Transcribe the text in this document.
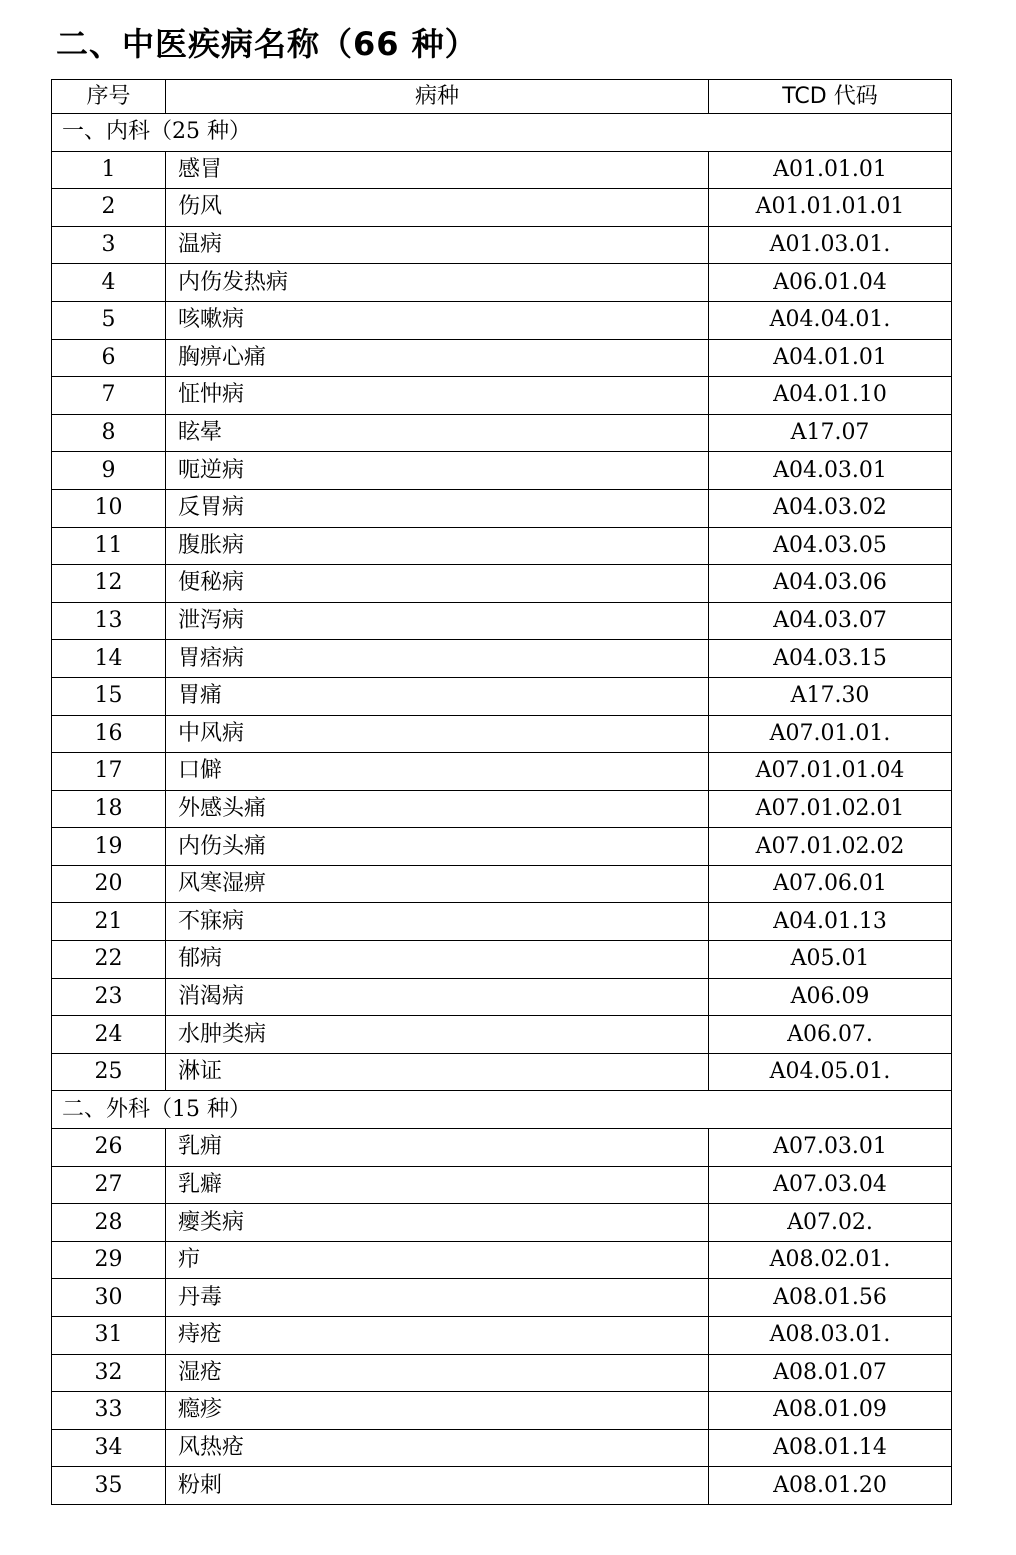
二、中医疾病名称（66 种）
序号	病种	TCD 代码
一、内科（25 种）		
1	感冒	A01.01.01
2	伤风	A01.01.01.01
3	温病	A01.03.01.
4	内伤发热病	A06.01.04
5	咳嗽病	A04.04.01.
6	胸痹心痛	A04.01.01
7	怔忡病	A04.01.10
8	眩晕	A17.07
9	呃逆病	A04.03.01
10	反胃病	A04.03.02
11	腹胀病	A04.03.05
12	便秘病	A04.03.06
13	泄泻病	A04.03.07
14	胃痞病	A04.03.15
15	胃痛	A17.30
16	中风病	A07.01.01.
17	口僻	A07.01.01.04
18	外感头痛	A07.01.02.01
19	内伤头痛	A07.01.02.02
20	风寒湿痹	A07.06.01
21	不寐病	A04.01.13
22	郁病	A05.01
23	消渴病	A06.09
24	水肿类病	A06.07.
25	淋证	A04.05.01.
二、外科（15 种）		
26	乳痈	A07.03.01
27	乳癖	A07.03.04
28	瘿类病	A07.02.
29	疖	A08.02.01.
30	丹毒	A08.01.56
31	痔疮	A08.03.01.
32	湿疮	A08.01.07
33	瘾疹	A08.01.09
34	风热疮	A08.01.14
35	粉刺	A08.01.20
